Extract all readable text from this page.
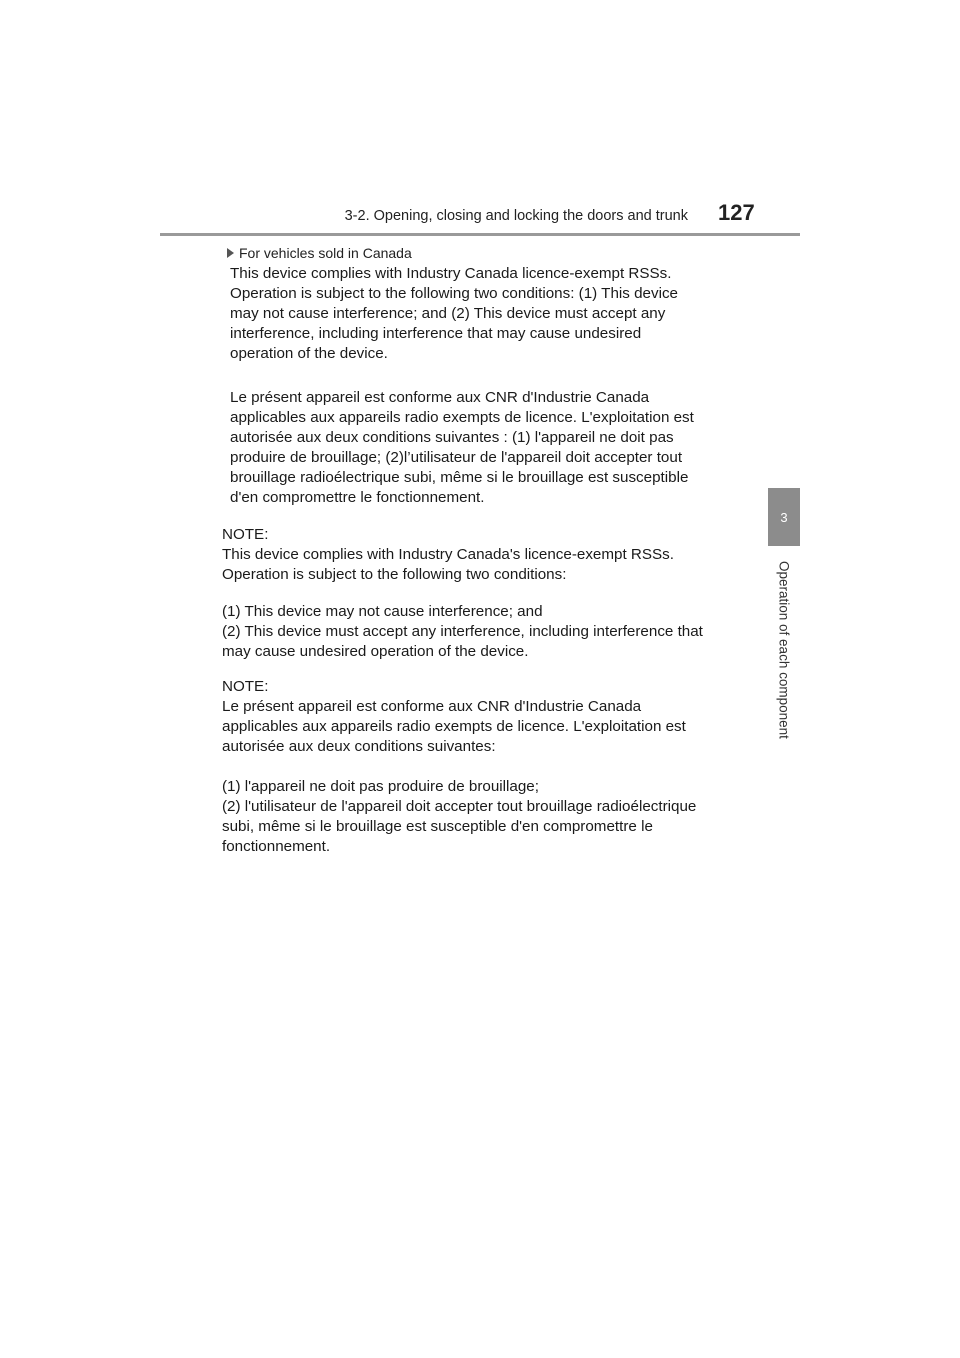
3-2. Opening, closing and locking the doors and trunk 127
3
Operation of each component
For vehicles sold in Canada
This device complies with Industry Canada licence-exempt RSSs.
Operation is subject to the following two conditions: (1) This device
may not cause interference; and (2) This device must accept any
interference, including interference that may cause undesired
operation of the device.
Le présent appareil est conforme aux CNR d'Industrie Canada
applicables aux appareils radio exempts de licence. L'exploitation est
autorisée aux deux conditions suivantes : (1) l'appareil ne doit pas
produire de brouillage; (2)l’utilisateur de l'appareil doit accepter tout
brouillage radioélectrique subi, même si le brouillage est susceptible
d'en compromettre le fonctionnement.
NOTE:
This device complies with Industry Canada's licence-exempt RSSs.
Operation is subject to the following two conditions:
(1) This device may not cause interference; and
(2) This device must accept any interference, including interference that
may cause undesired operation of the device.
NOTE:
Le présent appareil est conforme aux CNR d'Industrie Canada
applicables aux appareils radio exempts de licence. L'exploitation est
autorisée aux deux conditions suivantes:
(1) l'appareil ne doit pas produire de brouillage;
(2) l'utilisateur de l'appareil doit accepter tout brouillage radioélectrique
subi, même si le brouillage est susceptible d'en compromettre le
fonctionnement.
